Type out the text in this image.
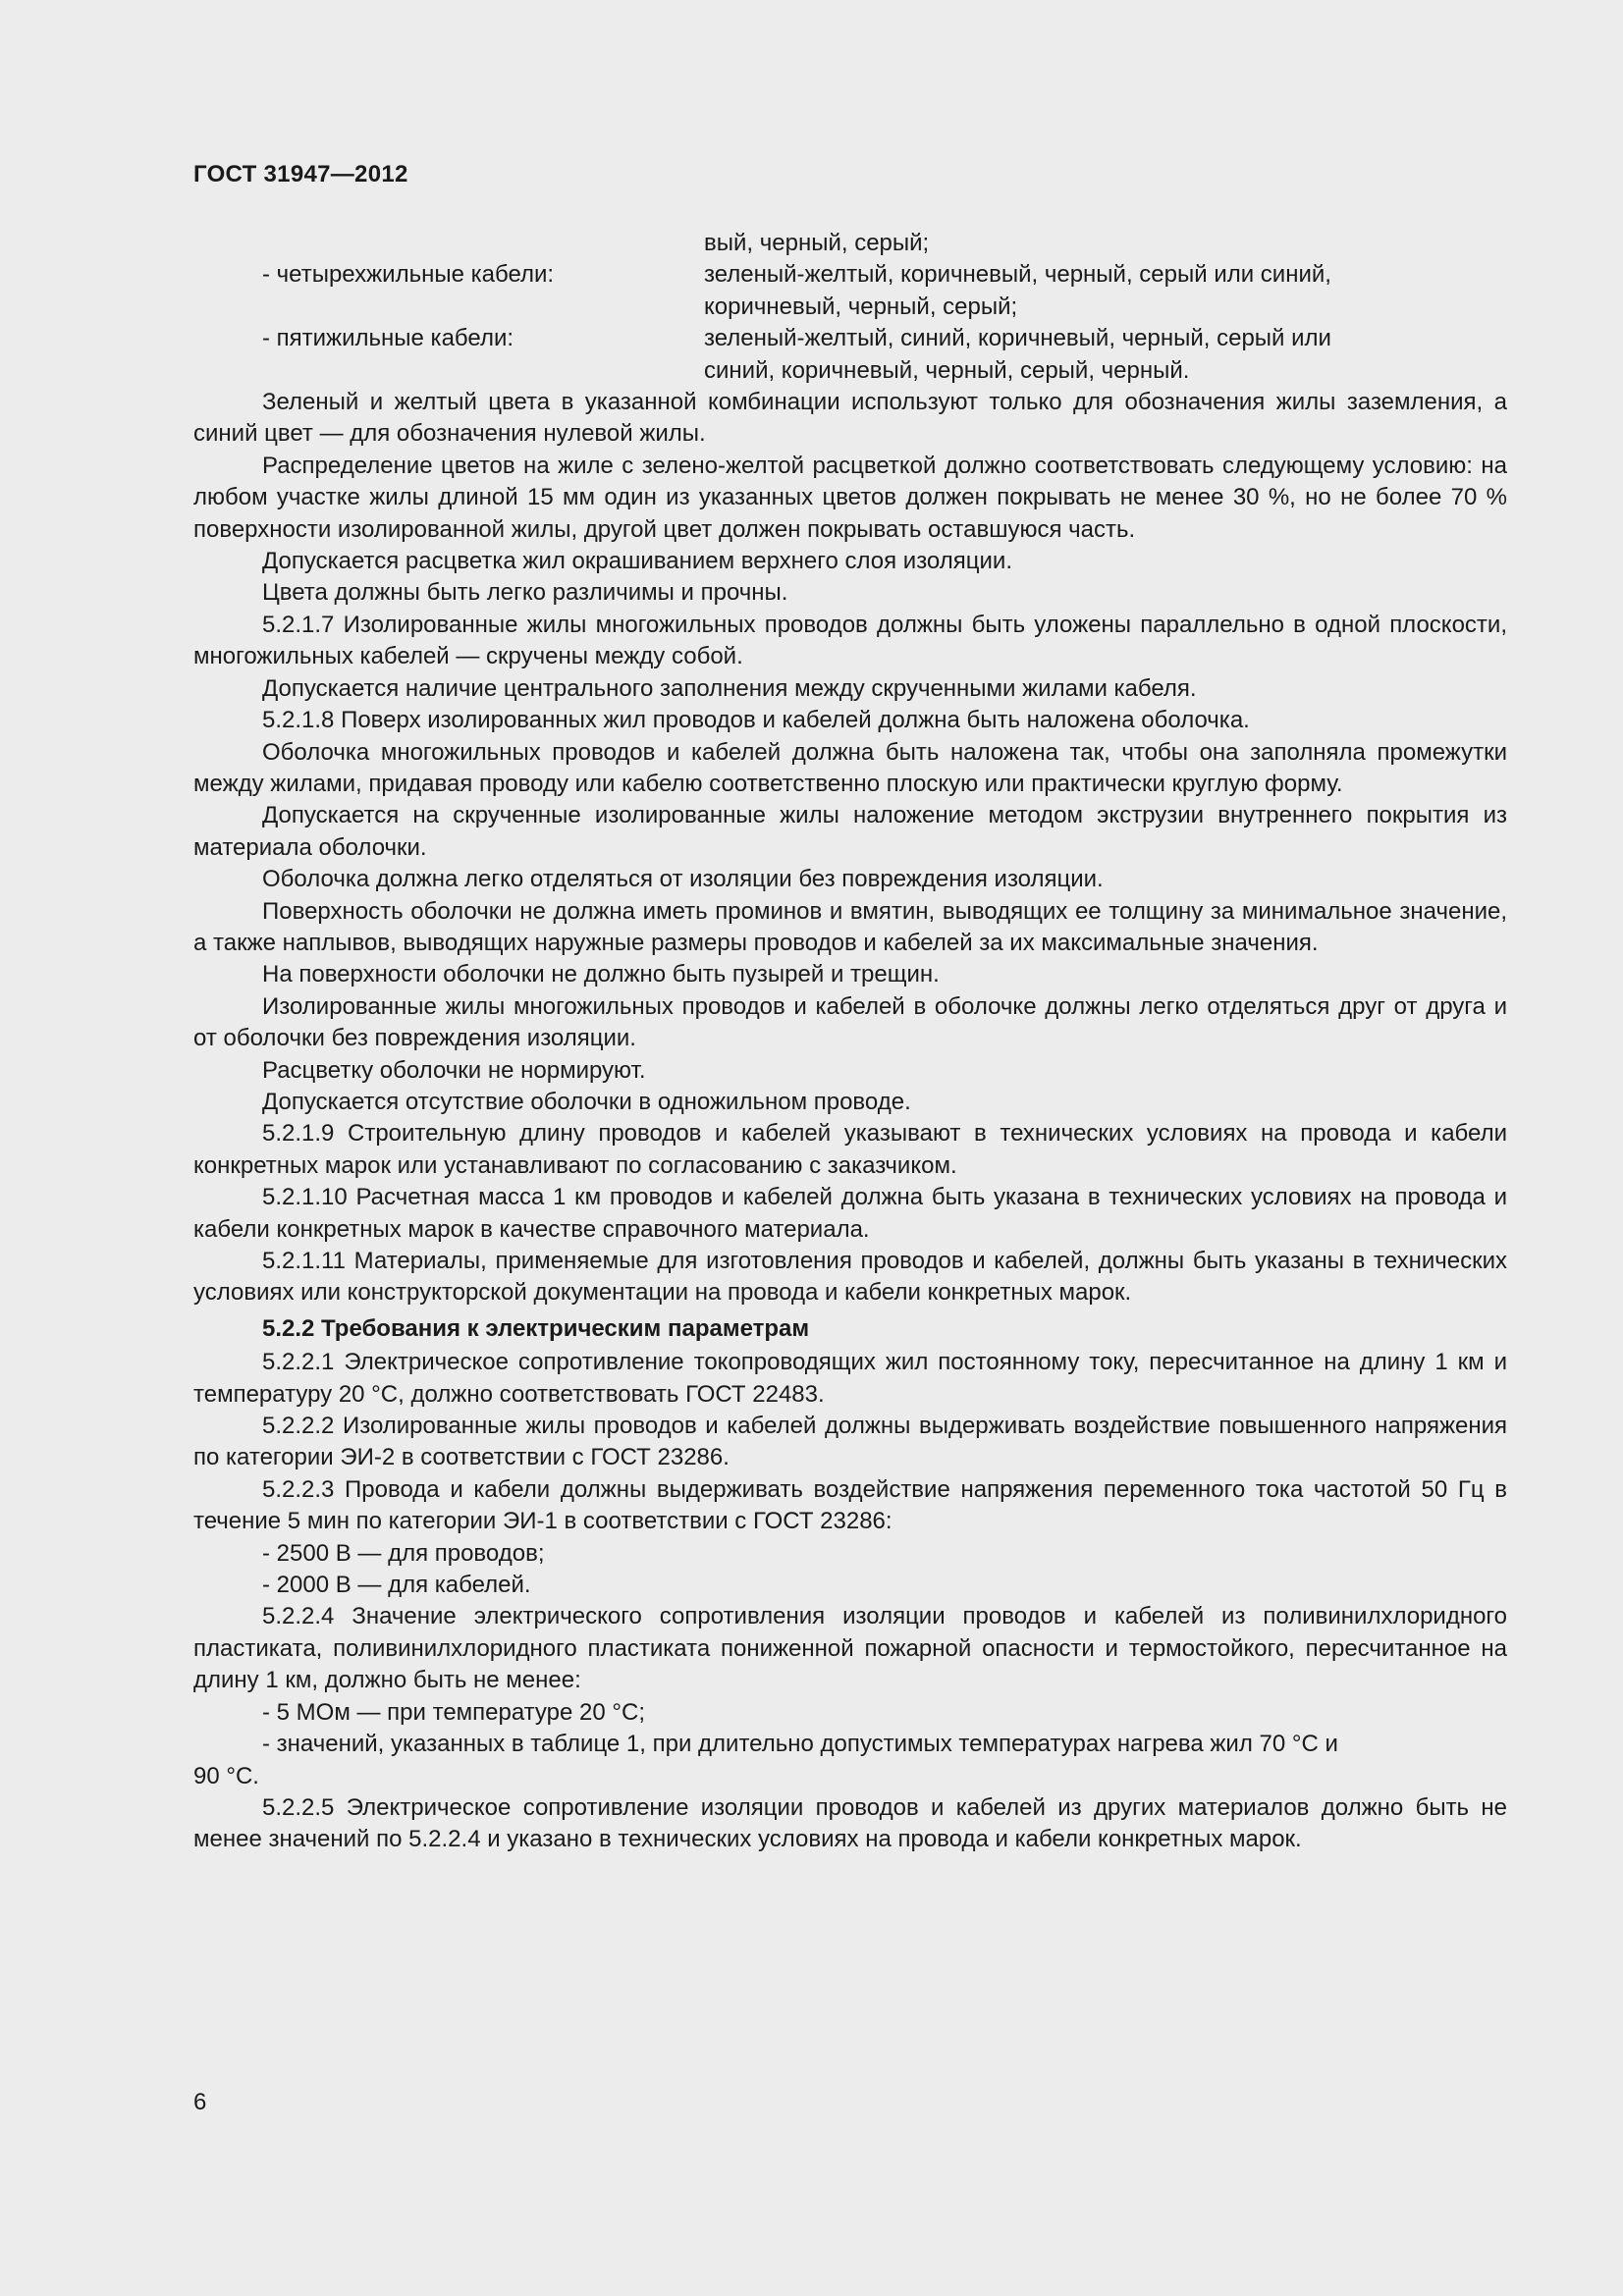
ГОСТ 31947—2012

вый, черный, серый;

- четырехжильные кабели:	зеленый-желтый, коричневый, черный, серый или синий,

коричневый, черный, серый;

- пятижильные кабели:	зеленый-желтый, синий, коричневый, черный, серый или

синий, коричневый, черный, серый, черный.

Зеленый и желтый цвета в указанной комбинации используют только для обозначения жилы заземления, а синий цвет — для обозначения нулевой жилы.

Распределение цветов на жиле с зелено-желтой расцветкой должно соответствовать следующему условию: на любом участке жилы длиной 15 мм один из указанных цветов должен покрывать не менее 30 %, но не более 70 % поверхности изолированной жилы, другой цвет должен покрывать оставшуюся часть.

Допускается расцветка жил окрашиванием верхнего слоя изоляции.

Цвета должны быть легко различимы и прочны.

5.2.1.7 Изолированные жилы многожильных проводов должны быть уложены параллельно в одной плоскости, многожильных кабелей — скручены между собой.

Допускается наличие центрального заполнения между скрученными жилами кабеля.

5.2.1.8 Поверх изолированных жил проводов и кабелей должна быть наложена оболочка.

Оболочка многожильных проводов и кабелей должна быть наложена так, чтобы она заполняла промежутки между жилами, придавая проводу или кабелю соответственно плоскую или практически круглую форму.

Допускается на скрученные изолированные жилы наложение методом экструзии внутреннего покрытия из материала оболочки.

Оболочка должна легко отделяться от изоляции без повреждения изоляции.

Поверхность оболочки не должна иметь проминов и вмятин, выводящих ее толщину за минимальное значение, а также наплывов, выводящих наружные размеры проводов и кабелей за их максимальные значения.

На поверхности оболочки не должно быть пузырей и трещин.

Изолированные жилы многожильных проводов и кабелей в оболочке должны легко отделяться друг от друга и от оболочки без повреждения изоляции.

Расцветку оболочки не нормируют.

Допускается отсутствие оболочки в одножильном проводе.

5.2.1.9 Строительную длину проводов и кабелей указывают в технических условиях на провода и кабели конкретных марок или устанавливают по согласованию с заказчиком.

5.2.1.10 Расчетная масса 1 км проводов и кабелей должна быть указана в технических условиях на провода и кабели конкретных марок в качестве справочного материала.

5.2.1.11 Материалы, применяемые для изготовления проводов и кабелей, должны быть указаны в технических условиях или конструкторской документации на провода и кабели конкретных марок.

5.2.2 Требования к электрическим параметрам

5.2.2.1 Электрическое сопротивление токопроводящих жил постоянному току, пересчитанное на длину 1 км и температуру 20 °С, должно соответствовать ГОСТ 22483.

5.2.2.2 Изолированные жилы проводов и кабелей должны выдерживать воздействие повышенного напряжения по категории ЭИ-2 в соответствии с ГОСТ 23286.

5.2.2.3 Провода и кабели должны выдерживать воздействие напряжения переменного тока частотой 50 Гц в течение 5 мин по категории ЭИ-1 в соответствии с ГОСТ 23286:

- 2500 В — для проводов;

- 2000 В — для кабелей.

5.2.2.4 Значение электрического сопротивления изоляции проводов и кабелей из поливинилхлоридного пластиката, поливинилхлоридного пластиката пониженной пожарной опасности и термостойкого, пересчитанное на длину 1 км, должно быть не менее:

- 5 МОм — при температуре 20 °С;

- значений, указанных в таблице 1, при длительно допустимых температурах нагрева жил 70 °С и

90 °С.

5.2.2.5 Электрическое сопротивление изоляции проводов и кабелей из других материалов должно быть не менее значений по 5.2.2.4 и указано в технических условиях на провода и кабели конкретных марок.

6
